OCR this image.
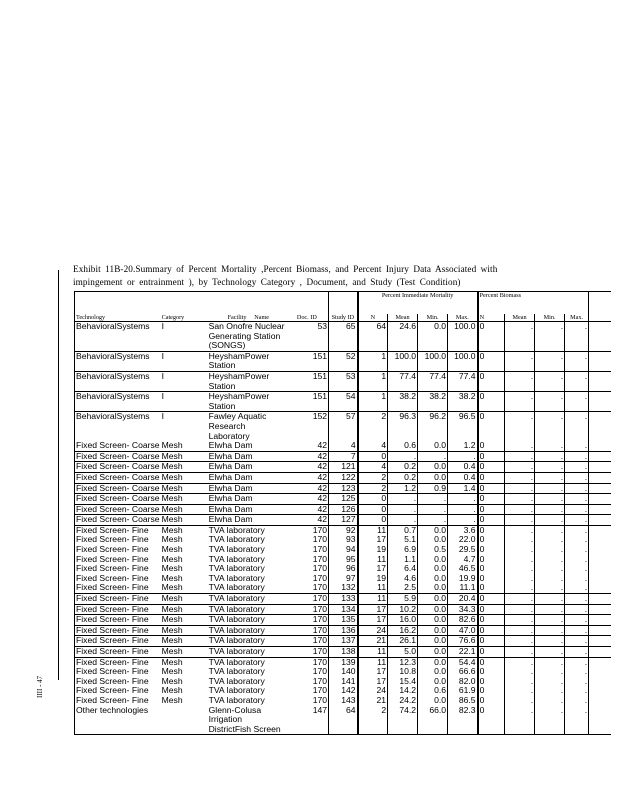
Exhibit 11B-20.Summary of Percent Mortality ,Percent Biomass, and Percent Injury Data Associated with
impingement or entrainment ), by Technology Category , Document, and Study (Test Condition)
IIII - 47
					Percent Immediate Mortality				Percent Biomass				
Technology	Category	Facility Name	Doc. ID	Study ID	N	Mean	Min.	Max.	N	Mean	Min.	Max.	
BehavioralSystems	I	San Onofre Nuclear Generating Station (SONGS)	53	65	64	24.6	0.0	100.0	0	.	.	.	
BehavioralSystems	I	HeyshamPower Station	151	52	1	100.0	100.0	100.0	0	.	.	.	
BehavioralSystems	I	HeyshamPower Station	151	53	1	77.4	77.4	77.4	0	.	.	.	
BehavioralSystems	I	HeyshamPower Station	151	54	1	38.2	38.2	38.2	0	.	.	.	
BehavioralSystems	I	Fawley Aquatic Research Laboratory	152	57	2	96.3	96.2	96.5	0	.	.	.	
Fixed Screen- Coarse	Mesh	Elwha Dam	42	4	4	0.6	0.0	1.2	0	.	.	.	
Fixed Screen- Coarse	Mesh	Elwha Dam	42	7	0	.	.	.	0	.	.	.	
Fixed Screen- Coarse	Mesh	Elwha Dam	42	121	4	0.2	0.0	0.4	0	.	.	.	
Fixed Screen- Coarse	Mesh	Elwha Dam	42	122	2	0.2	0.0	0.4	0	.	.	.	
Fixed Screen- Coarse	Mesh	Elwha Dam	42	123	2	1.2	0.9	1.4	0	.	.	.	
Fixed Screen- Coarse	Mesh	Elwha Dam	42	125	0	.	.	.	0	.	.	.	
Fixed Screen- Coarse	Mesh	Elwha Dam	42	126	0	.	.	.	0	.	.	.	
Fixed Screen- Coarse	Mesh	Elwha Dam	42	127	0	.	.	.	0	.	.	.	
Fixed Screen- Fine	Mesh	TVA laboratory	170	92	11	0.7	0.0	3.6	0	.	.	.	
Fixed Screen- Fine	Mesh	TVA laboratory	170	93	17	5.1	0.0	22.0	0	.	.	.	
Fixed Screen- Fine	Mesh	TVA laboratory	170	94	19	6.9	0.5	29.5	0	.	.	.	
Fixed Screen- Fine	Mesh	TVA laboratory	170	95	11	1.1	0.0	4.7	0	.	.	.	
Fixed Screen- Fine	Mesh	TVA laboratory	170	96	17	6.4	0.0	46.5	0	.	.	.	
Fixed Screen- Fine	Mesh	TVA laboratory	170	97	19	4.6	0.0	19.9	0	.	.	.	
Fixed Screen- Fine	Mesh	TVA laboratory	170	132	11	2.5	0.0	11.1	0	.	.	.	
Fixed Screen- Fine	Mesh	TVA laboratory	170	133	11	5.9	0.0	20.4	0	.	.	.	
Fixed Screen- Fine	Mesh	TVA laboratory	170	134	17	10.2	0.0	34.3	0	.	.	.	
Fixed Screen- Fine	Mesh	TVA laboratory	170	135	17	16.0	0.0	82.6	0	.	.	.	
Fixed Screen- Fine	Mesh	TVA laboratory	170	136	24	16.2	0.0	47.0	0	.	.	.	
Fixed Screen- Fine	Mesh	TVA laboratory	170	137	21	26.1	0.0	76.6	0	.	.	.	
Fixed Screen- Fine	Mesh	TVA laboratory	170	138	11	5.0	0.0	22.1	0	.	.	.	
Fixed Screen- Fine	Mesh	TVA laboratory	170	139	11	12.3	0.0	54.4	0	.	.	.	
Fixed Screen- Fine	Mesh	TVA laboratory	170	140	17	10.8	0.0	66.6	0	.	.	.	
Fixed Screen- Fine	Mesh	TVA laboratory	170	141	17	15.4	0.0	82.0	0	.	.	.	
Fixed Screen- Fine	Mesh	TVA laboratory	170	142	24	14.2	0.6	61.9	0	.	.	.	
Fixed Screen- Fine	Mesh	TVA laboratory	170	143	21	24.2	0.0	86.5	0	.	.	.	
Other technologies		Glenn-Colusa Irrigation DistrictFish Screen	147	64	2	74.2	66.0	82.3	0	.	.	.	
